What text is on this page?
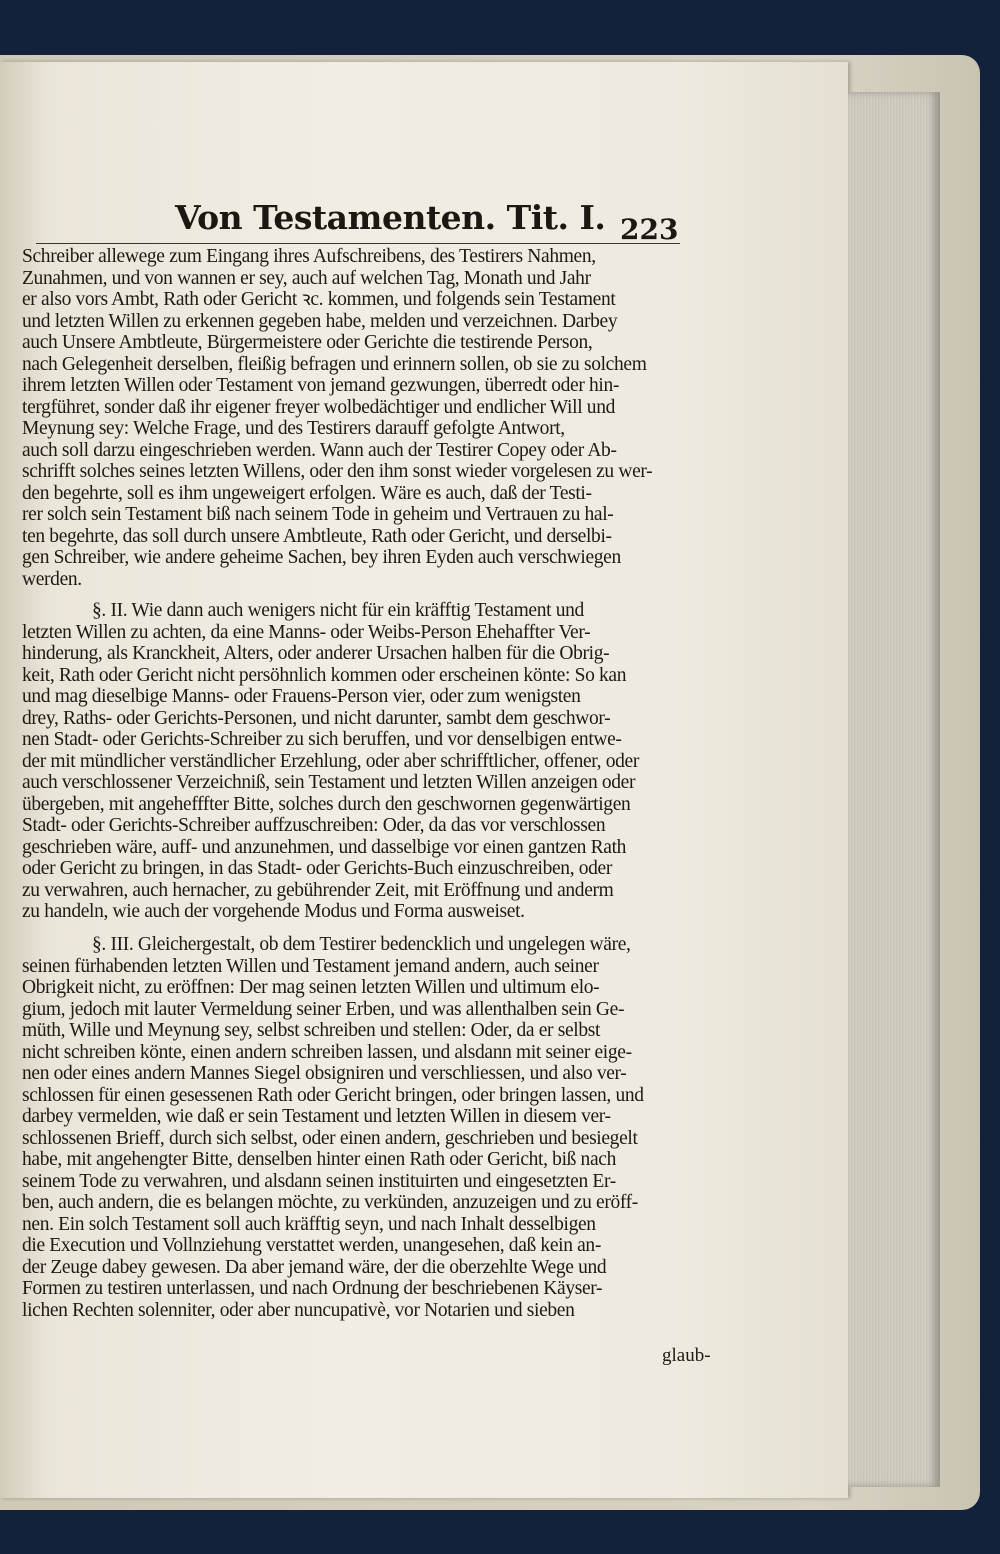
Von Testamenten. Tit. I. 223
Schreiber allewege zum Eingang ihres Aufschreibens, des Testirers Nahmen,
Zunahmen, und von wannen er sey, auch auf welchen Tag, Monath und Jahr
er also vors Ambt, Rath oder Gericht ꝛc. kommen, und folgends sein Testament
und letzten Willen zu erkennen gegeben habe, melden und verzeichnen. Darbey
auch Unsere Ambtleute, Bürgermeistere oder Gerichte die testirende Person,
nach Gelegenheit derselben, fleißig befragen und erinnern sollen, ob sie zu solchem
ihrem letzten Willen oder Testament von jemand gezwungen, überredt oder hin-
tergführet, sonder daß ihr eigener freyer wolbedächtiger und endlicher Will und
Meynung sey: Welche Frage, und des Testirers darauff gefolgte Antwort,
auch soll darzu eingeschrieben werden. Wann auch der Testirer Copey oder Ab-
schrifft solches seines letzten Willens, oder den ihm sonst wieder vorgelesen zu wer-
den begehrte, soll es ihm ungeweigert erfolgen. Wäre es auch, daß der Testi-
rer solch sein Testament biß nach seinem Tode in geheim und Vertrauen zu hal-
ten begehrte, das soll durch unsere Ambtleute, Rath oder Gericht, und derselbi-
gen Schreiber, wie andere geheime Sachen, bey ihren Eyden auch verschwiegen
werden.
§. II. Wie dann auch wenigers nicht für ein kräfftig Testament und
letzten Willen zu achten, da eine Manns- oder Weibs-Person Ehehaffter Ver-
hinderung, als Kranckheit, Alters, oder anderer Ursachen halben für die Obrig-
keit, Rath oder Gericht nicht persöhnlich kommen oder erscheinen könte: So kan
und mag dieselbige Manns- oder Frauens-Person vier, oder zum wenigsten
drey, Raths- oder Gerichts-Personen, und nicht darunter, sambt dem geschwor-
nen Stadt- oder Gerichts-Schreiber zu sich beruffen, und vor denselbigen entwe-
der mit mündlicher verständlicher Erzehlung, oder aber schrifftlicher, offener, oder
auch verschlossener Verzeichniß, sein Testament und letzten Willen anzeigen oder
übergeben, mit angehefffter Bitte, solches durch den geschwornen gegenwärtigen
Stadt- oder Gerichts-Schreiber auffzuschreiben: Oder, da das vor verschlossen
geschrieben wäre, auff- und anzunehmen, und dasselbige vor einen gantzen Rath
oder Gericht zu bringen, in das Stadt- oder Gerichts-Buch einzuschreiben, oder
zu verwahren, auch hernacher, zu gebührender Zeit, mit Eröffnung und anderm
zu handeln, wie auch der vorgehende Modus und Forma ausweiset.
§. III. Gleichergestalt, ob dem Testirer bedencklich und ungelegen wäre,
seinen fürhabenden letzten Willen und Testament jemand andern, auch seiner
Obrigkeit nicht, zu eröffnen: Der mag seinen letzten Willen und ultimum elo-
gium, jedoch mit lauter Vermeldung seiner Erben, und was allenthalben sein Ge-
müth, Wille und Meynung sey, selbst schreiben und stellen: Oder, da er selbst
nicht schreiben könte, einen andern schreiben lassen, und alsdann mit seiner eige-
nen oder eines andern Mannes Siegel obsigniren und verschliessen, und also ver-
schlossen für einen gesessenen Rath oder Gericht bringen, oder bringen lassen, und
darbey vermelden, wie daß er sein Testament und letzten Willen in diesem ver-
schlossenen Brieff, durch sich selbst, oder einen andern, geschrieben und besiegelt
habe, mit angehengter Bitte, denselben hinter einen Rath oder Gericht, biß nach
seinem Tode zu verwahren, und alsdann seinen instituirten und eingesetzten Er-
ben, auch andern, die es belangen möchte, zu verkünden, anzuzeigen und zu eröff-
nen. Ein solch Testament soll auch kräfftig seyn, und nach Inhalt desselbigen
die Execution und Vollnziehung verstattet werden, unangesehen, daß kein an-
der Zeuge dabey gewesen. Da aber jemand wäre, der die oberzehlte Wege und
Formen zu testiren unterlassen, und nach Ordnung der beschriebenen Käyser-
lichen Rechten solenniter, oder aber nuncupativè, vor Notarien und sieben
glaub-
